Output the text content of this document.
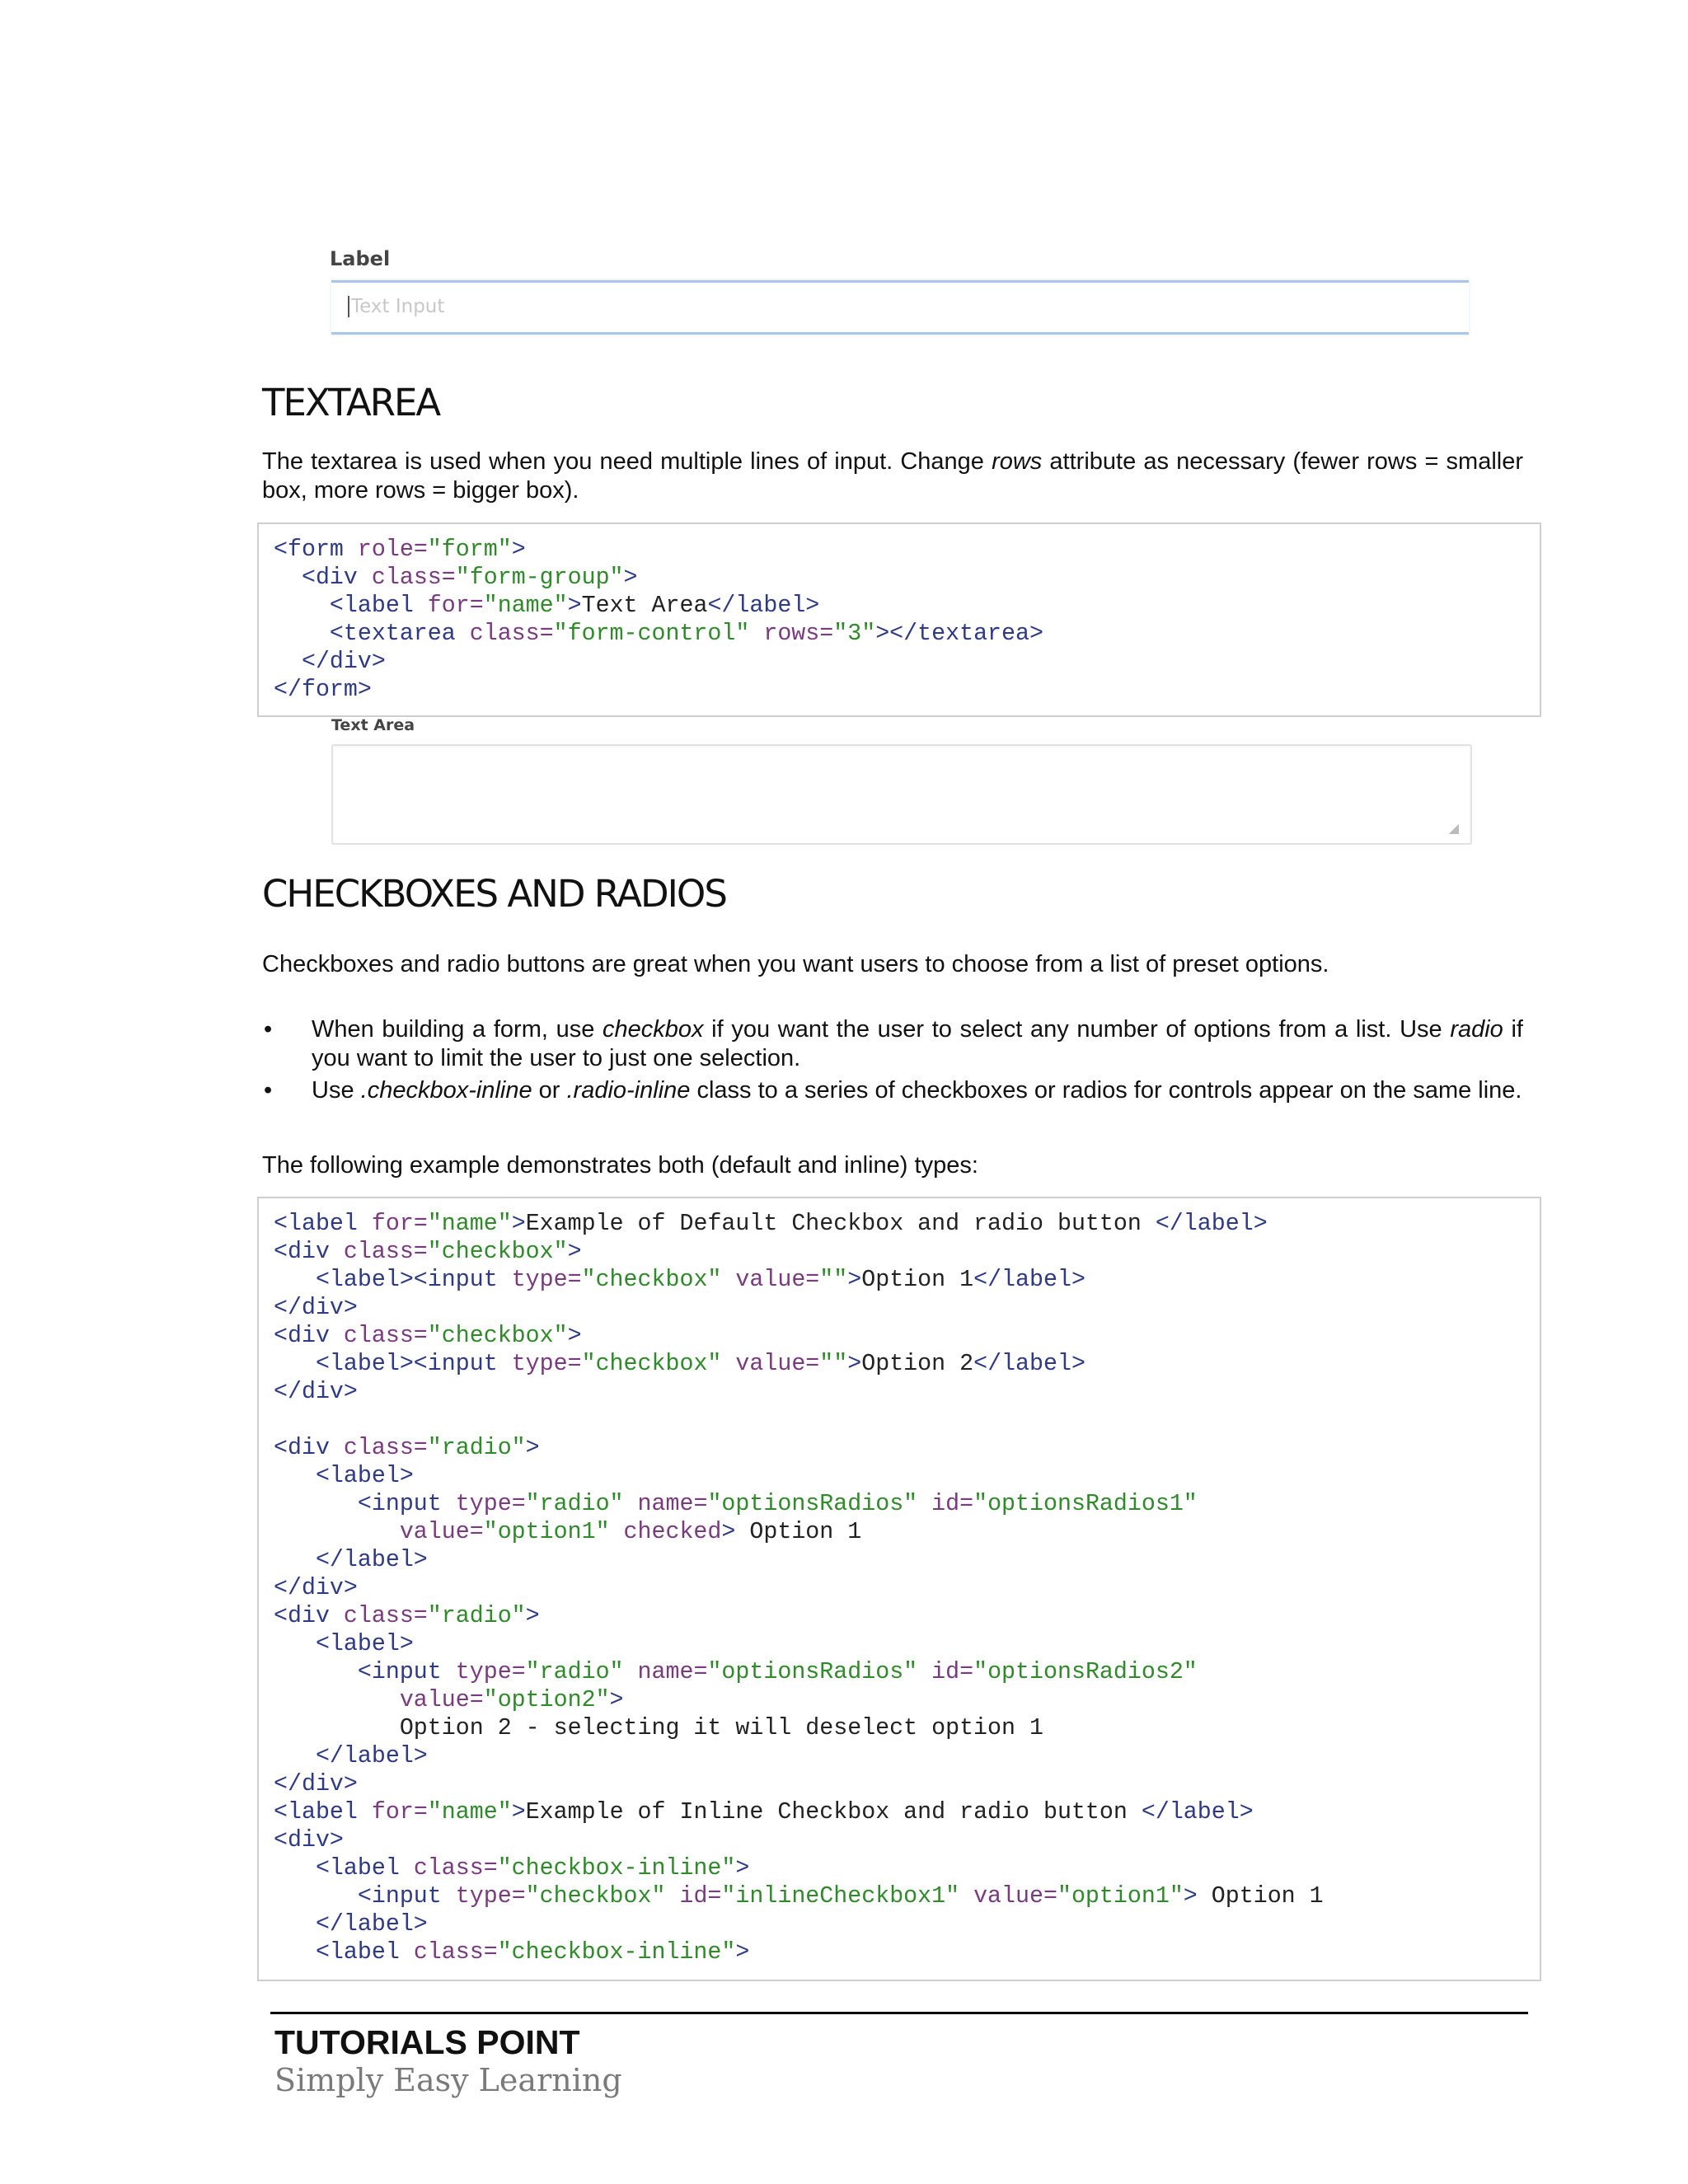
Label
Text Input
TEXTAREA

The textarea is used when you need multiple lines of input. Change rows attribute as necessary (fewer rows = smaller box, more rows = bigger box).

<form role="form">
<div class="form-group">
<label for="name">Text Area</label>
<textarea class="form-control" rows="3"></textarea>
</div>
</form>
Text Area
◢
CHECKBOXES AND RADIOS

Checkboxes and radio buttons are great when you want users to choose from a list of preset options.

• When building a form, use checkbox if you want the user to select any number of options from a list. Use radio if you want to limit the user to just one selection.
• Use .checkbox-inline or .radio-inline class to a series of checkboxes or radios for controls appear on the same line.

The following example demonstrates both (default and inline) types:

<label for="name">Example of Default Checkbox and radio button </label>
<div class="checkbox">
<label><input type="checkbox" value="">Option 1</label>
</div>
<div class="checkbox">
<label><input type="checkbox" value="">Option 2</label>
</div>
<div class="radio">
<label>
<input type="radio" name="optionsRadios" id="optionsRadios1"
value="option1" checked> Option 1
</label>
</div>
<div class="radio">
<label>
<input type="radio" name="optionsRadios" id="optionsRadios2"
value="option2">
Option 2 - selecting it will deselect option 1
</label>
</div>
<label for="name">Example of Inline Checkbox and radio button </label>
<div>
<label class="checkbox-inline">
<input type="checkbox" id="inlineCheckbox1" value="option1"> Option 1
</label>
<label class="checkbox-inline">
TUTORIALS POINT
Simply Easy Learning
